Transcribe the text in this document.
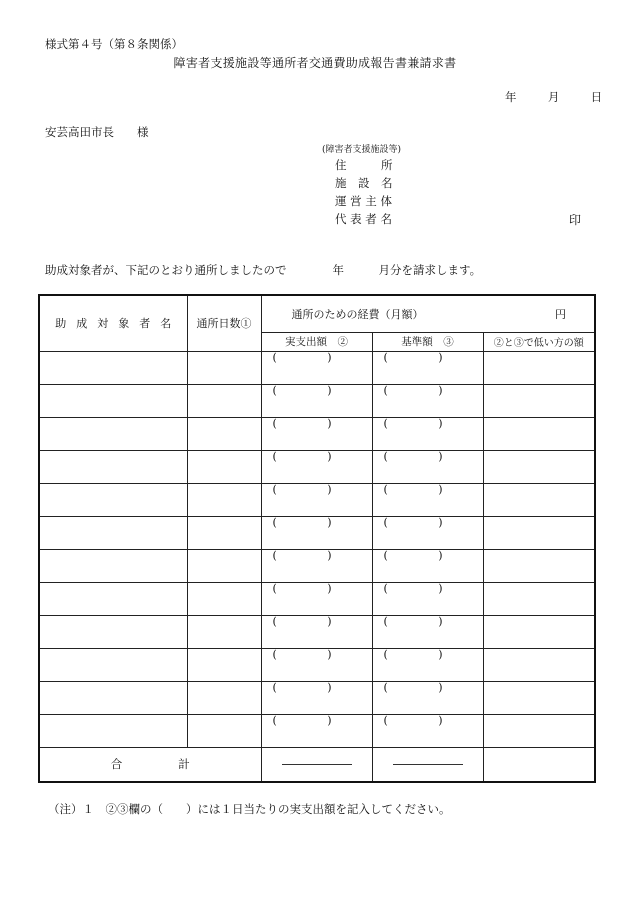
様式第４号（第８条関係）
障害者支援施設等通所者交通費助成報告書兼請求書
年	月	日
安芸高田市長　　様
(障害者支援施設等)
住　　　所
施　設　名
運 営 主 体
代 表 者 名	印
助成対象者が、下記のとおり通所しましたので　　　　年　　　月分を請求します。
助成対象者名	通所日数①	通所のための経費（月額） 円		

		実支出額　②	基準額　③	②と③で低い方の額

		( )	( )	

		( )	( )	

		( )	( )	

		( )	( )	

		( )	( )	

		( )	( )	

		( )	( )	

		( )	( )	

		( )	( )	

		( )	( )	

		( )	( )	

		( )	( )	

合 計				

（注）１　②③欄の（　　）には１日当たりの実支出額を記入してください。
